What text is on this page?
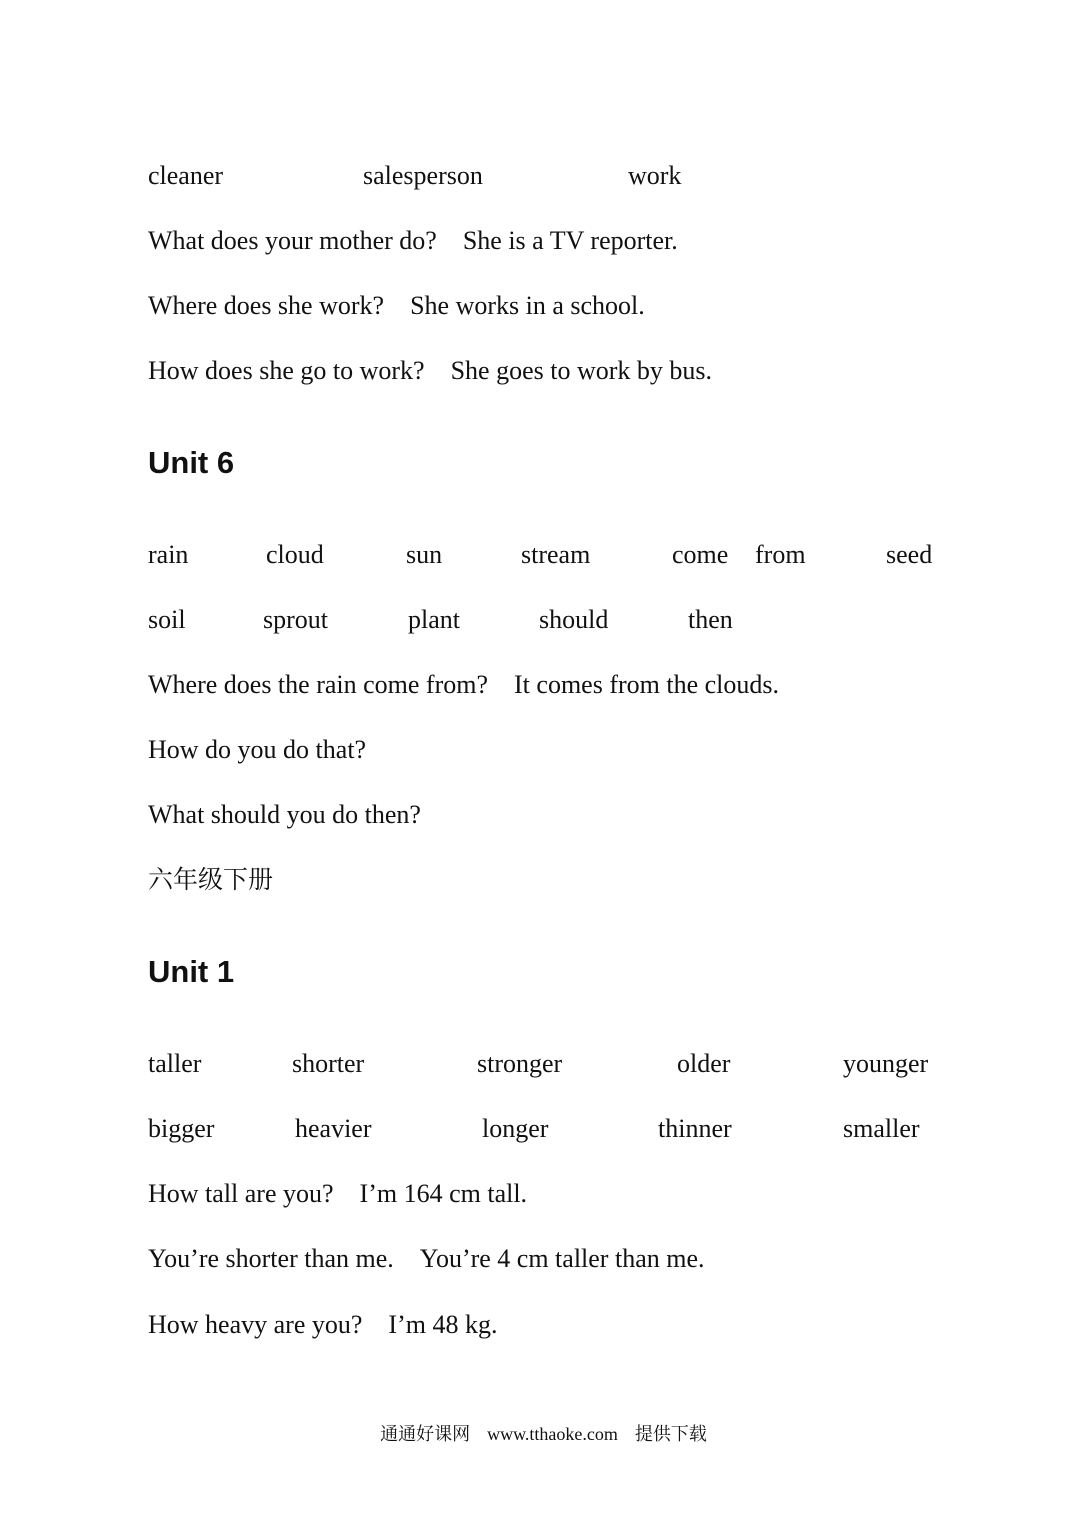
cleaner	salesperson	work
What does your mother do? She is a TV reporter.
Where does she work? She works in a school.
How does she go to work? She goes to work by bus.
Unit 6
rain	cloud	sun	stream	come from	seed
soil	sprout	plant	should	then
Where does the rain come from? It comes from the clouds.
How do you do that?
What should you do then?
六年级下册
Unit 1
taller	shorter	stronger	older	younger
bigger	heavier	longer	thinner	smaller
How tall are you? I’m 164 cm tall.
You’re shorter than me. You’re 4 cm taller than me.
How heavy are you? I’m 48 kg.
通通好课网 www.tthaoke.com 提供下载
